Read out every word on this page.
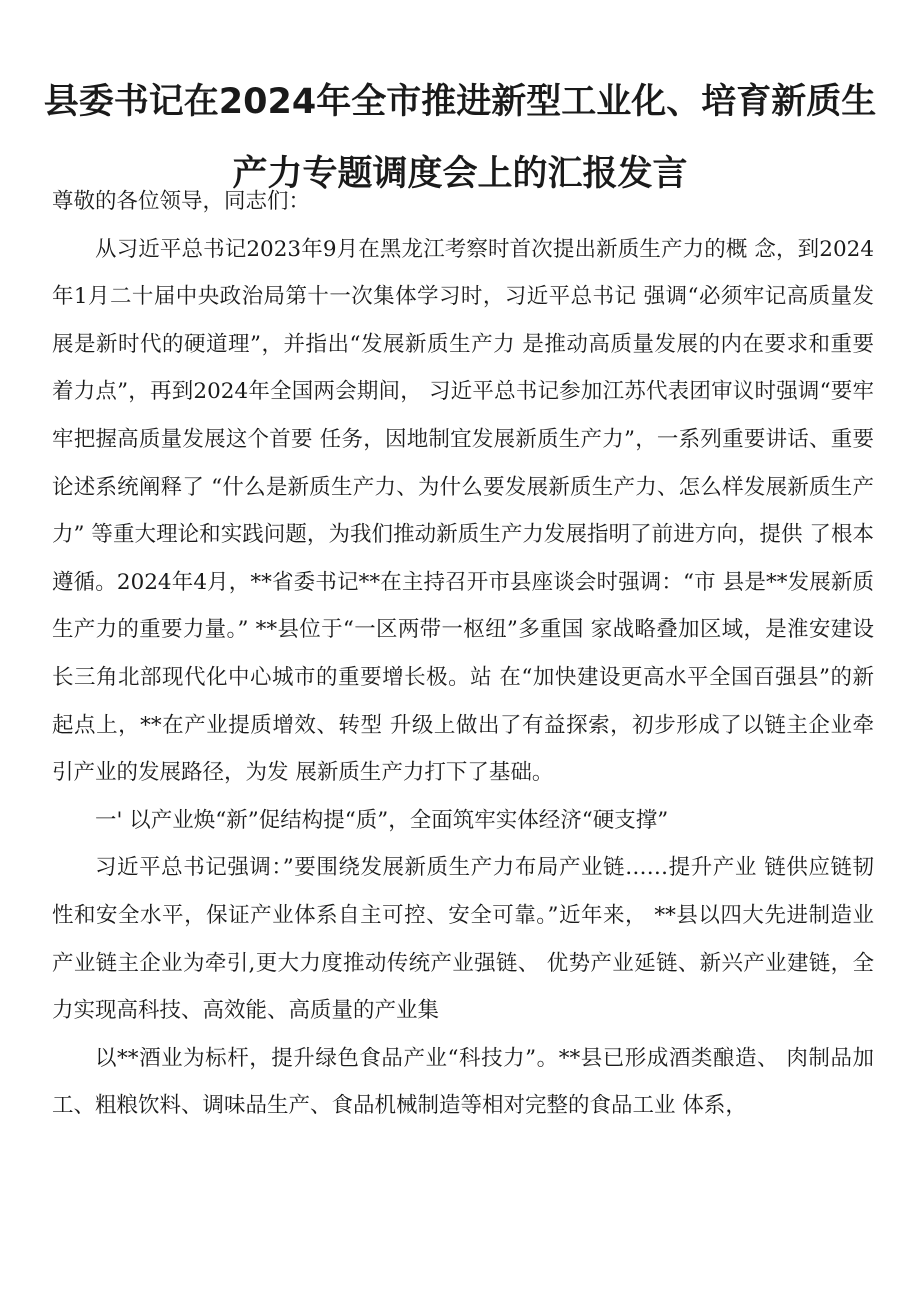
县委书记在2024年全市推进新型工业化、培育新质生产力专题调度会上的汇报发言

尊敬的各位领导，同志们：

从习近平总书记2023年9月在黑龙江考察时首次提出新质生产力的概 念，到2024年1月二十届中央政治局第十一次集体学习时，习近平总书记 强调“必须牢记高质量发展是新时代的硬道理”，并指出“发展新质生产力 是推动高质量发展的内在要求和重要着力点”，再到2024年全国两会期间， 习近平总书记参加江苏代表团审议时强调“要牢牢把握高质量发展这个首要 任务，因地制宜发展新质生产力”，一系列重要讲话、重要论述系统阐释了 “什么是新质生产力、为什么要发展新质生产力、怎么样发展新质生产力” 等重大理论和实践问题，为我们推动新质生产力发展指明了前进方向，提供 了根本遵循。2024年4月，**省委书记**在主持召开市县座谈会时强调：“市 县是**发展新质生产力的重要力量。” **县位于“一区两带一枢纽”多重国 家战略叠加区域，是淮安建设长三角北部现代化中心城市的重要增长极。站 在“加快建设更高水平全国百强县”的新起点上，**在产业提质增效、转型 升级上做出了有益探索，初步形成了以链主企业牵引产业的发展路径，为发 展新质生产力打下了基础。

一' 以产业焕“新”促结构提“质”，全面筑牢实体经济“硬支撑”

习近平总书记强调：”要围绕发展新质生产力布局产业链……提升产业 链供应链韧性和安全水平，保证产业体系自主可控、安全可靠。”近年来， **县以四大先进制造业产业链主企业为牵引,更大力度推动传统产业强链、 优势产业延链、新兴产业建链，全力实现高科技、高效能、高质量的产业集

以**酒业为标杆，提升绿色食品产业“科技力”。**县已形成酒类酿造、 肉制品加工、粗粮饮料、调味品生产、食品机械制造等相对完整的食品工业 体系，
